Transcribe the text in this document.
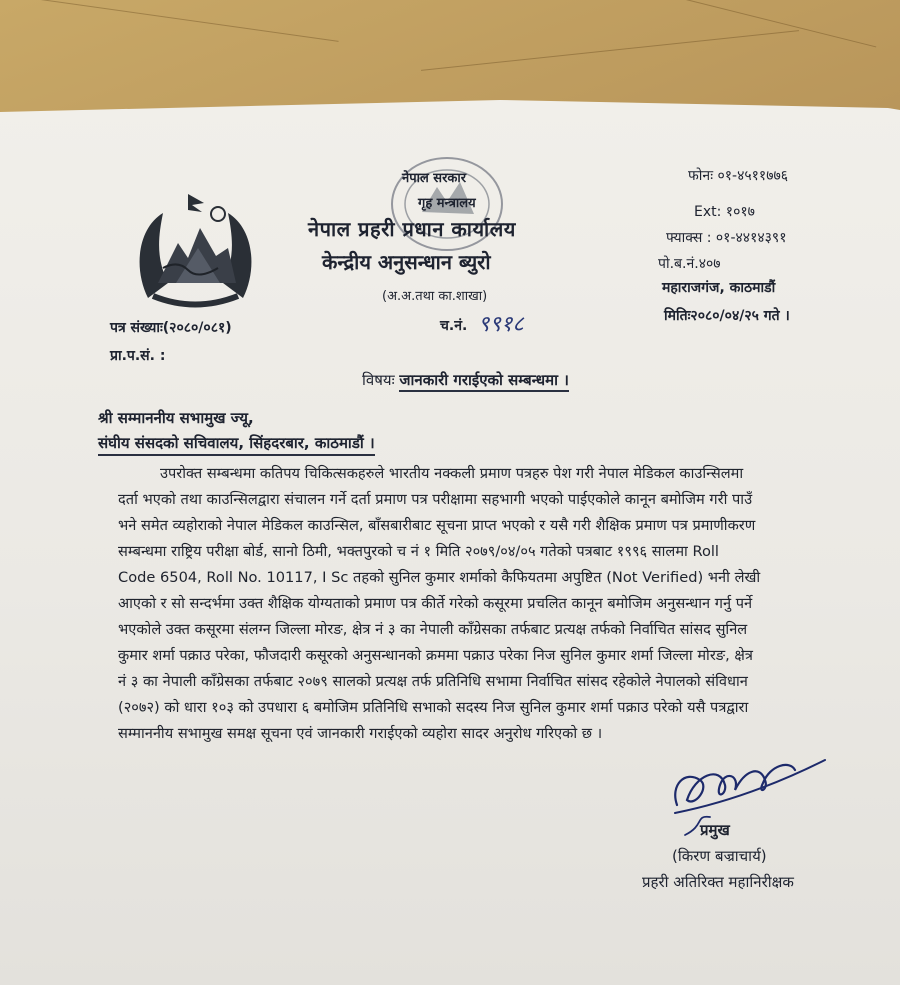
नेपाल सरकार
गृह मन्त्रालय
नेपाल प्रहरी प्रधान कार्यालय
केन्द्रीय अनुसन्धान ब्युरो
(अ.अ.तथा का.शाखा)
फोनः ०१-४५११७७६
Ext: १०१७
फ्याक्स : ०१-४४१४३९१
पो.ब.नं.४०७
महाराजगंज, काठमाडौं
मितिः२०८०/०४/२५ गते ।
पत्र संख्याः(२०८०/०८१)	च.नं. ९९१८
प्रा.प.सं. :
विषयः जानकारी गराईएको सम्बन्धमा ।
श्री सम्माननीय सभामुख ज्यू,
संघीय संसदको सचिवालय, सिंहदरबार, काठमाडौं ।
उपरोक्त सम्बन्धमा कतिपय चिकित्सकहरुले भारतीय नक्कली प्रमाण पत्रहरु पेश गरी नेपाल मेडिकल काउन्सिलमा
दर्ता भएको तथा काउन्सिलद्वारा संचालन गर्ने दर्ता प्रमाण पत्र परीक्षामा सहभागी भएको पाईएकोले कानून बमोजिम गरी पाउँ
भने समेत व्यहोराको नेपाल मेडिकल काउन्सिल, बाँसबारीबाट सूचना प्राप्त भएको र यसै गरी शैक्षिक प्रमाण पत्र प्रमाणीकरण
सम्बन्धमा राष्ट्रिय परीक्षा बोर्ड, सानो ठिमी, भक्तपुरको च नं १ मिति २०७९/०४/०५ गतेको पत्रबाट १९९६ सालमा Roll
Code 6504, Roll No. 10117, I Sc तहको सुनिल कुमार शर्माको कैफियतमा अपुष्टित (Not Verified) भनी लेखी
आएको र सो सन्दर्भमा उक्त शैक्षिक योग्यताको प्रमाण पत्र कीर्ते गरेको कसूरमा प्रचलित कानून बमोजिम अनुसन्धान गर्नु पर्ने
भएकोले उक्त कसूरमा संलग्न जिल्ला मोरङ, क्षेत्र नं ३ का नेपाली काँग्रेसका तर्फबाट प्रत्यक्ष तर्फको निर्वाचित सांसद सुनिल
कुमार शर्मा पक्राउ परेका, फौजदारी कसूरको अनुसन्धानको क्रममा पक्राउ परेका निज सुनिल कुमार शर्मा जिल्ला मोरङ, क्षेत्र
नं ३ का नेपाली काँग्रेसका तर्फबाट २०७९ सालको प्रत्यक्ष तर्फ प्रतिनिधि सभामा निर्वाचित सांसद रहेकोले नेपालको संविधान
(२०७२) को धारा १०३ को उपधारा ६ बमोजिम प्रतिनिधि सभाको सदस्य निज सुनिल कुमार शर्मा पक्राउ परेको यसै पत्रद्वारा
सम्माननीय सभामुख समक्ष सूचना एवं जानकारी गराईएको व्यहोरा सादर अनुरोध गरिएको छ ।
प्रमुख
(किरण बज्राचार्य)
प्रहरी अतिरिक्त महानिरीक्षक
